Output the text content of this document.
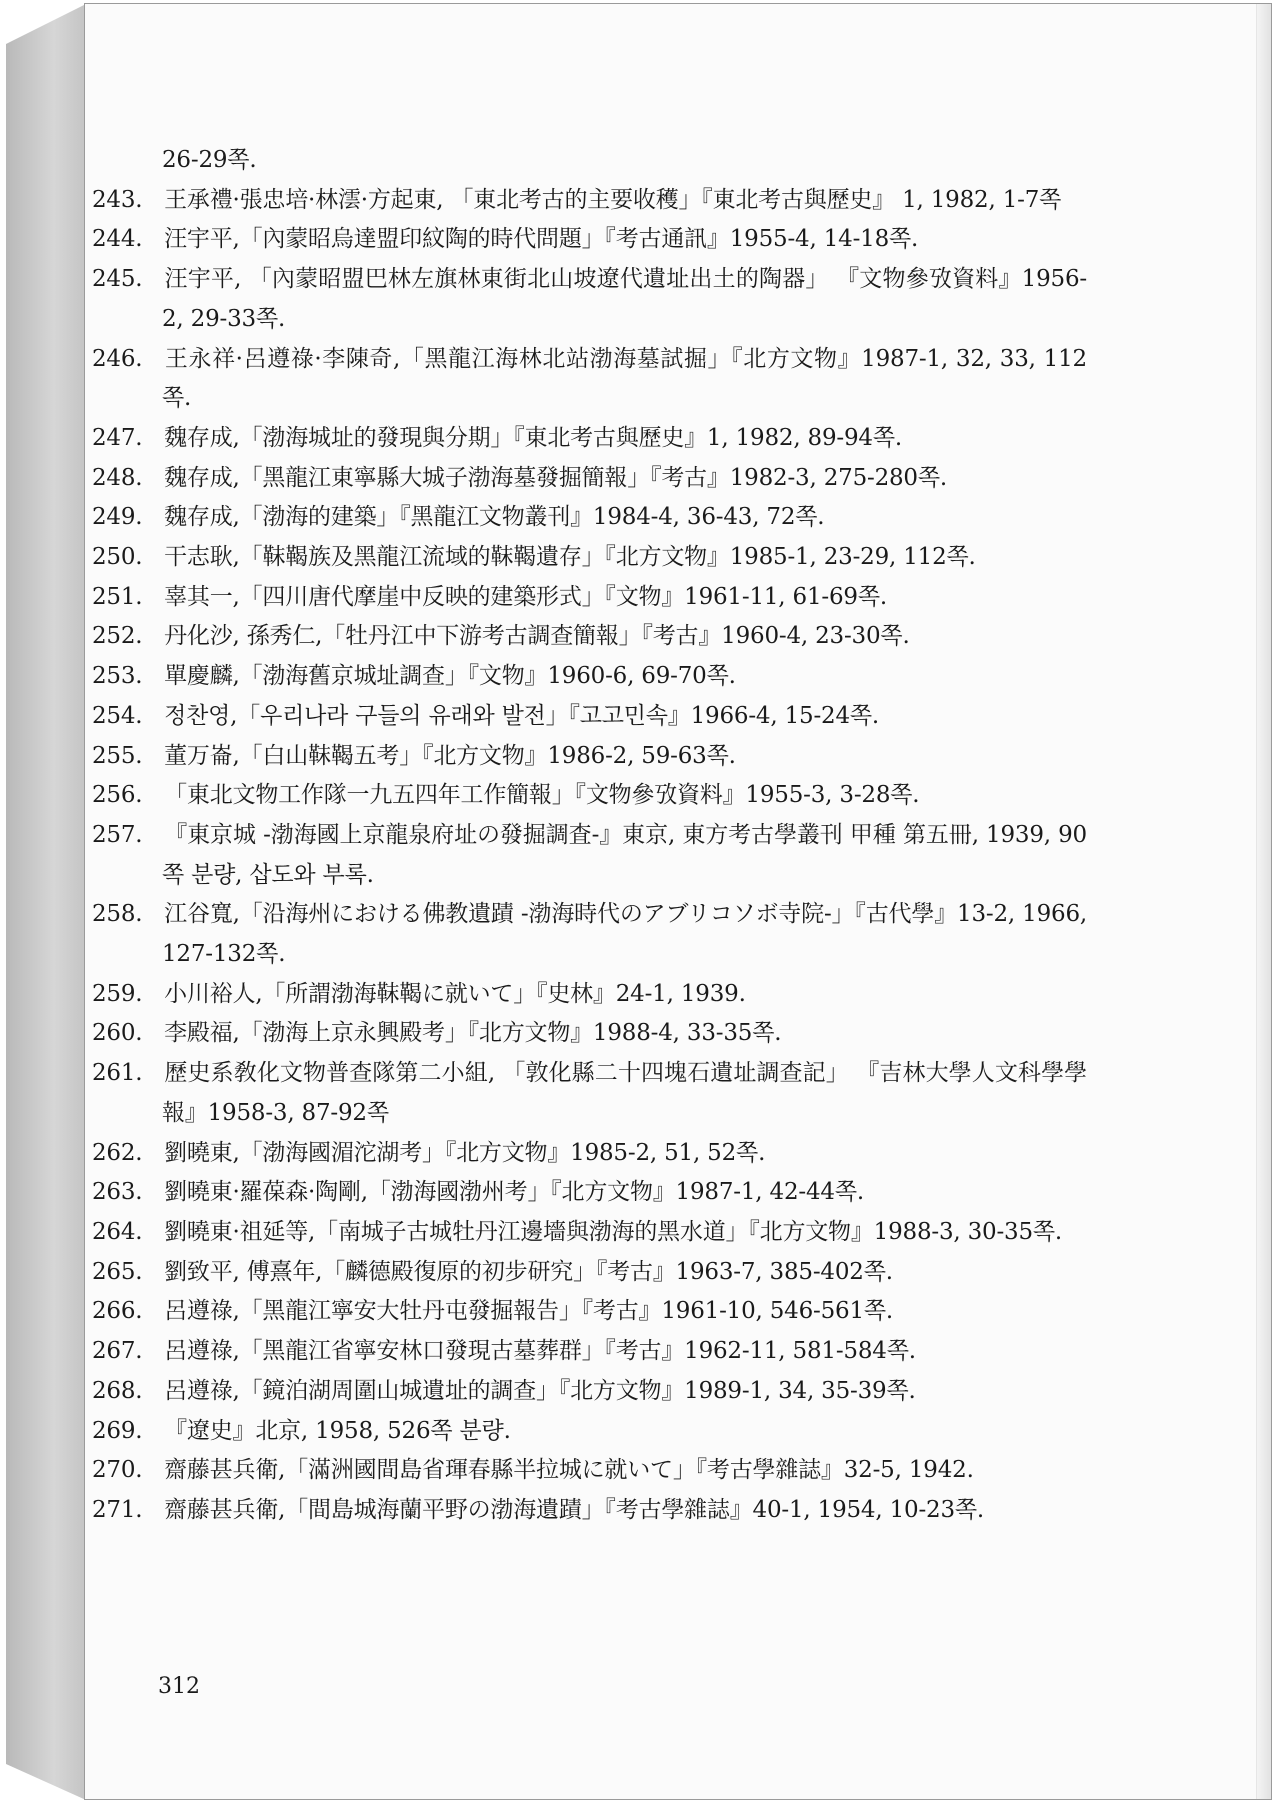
26-29쪽.
243. 王承禮·張忠培·林澐·方起東, 「東北考古的主要收穫」『東北考古與歷史』 1, 1982, 1-7쪽
244. 汪宇平,「內蒙昭烏達盟印紋陶的時代問題」『考古通訊』1955-4, 14-18쪽.
245. 汪宇平, 「內蒙昭盟巴林左旗林東街北山坡遼代遺址出土的陶器」 『文物參攷資料』1956-2, 29-33쪽.
246. 王永祥·呂遵祿·李陳奇,「黑龍江海林北站渤海墓試掘」『北方文物』1987-1, 32, 33, 112쪽.
247. 魏存成,「渤海城址的發現與分期」『東北考古與歷史』1, 1982, 89-94쪽.
248. 魏存成,「黑龍江東寧縣大城子渤海墓發掘簡報」『考古』1982-3, 275-280쪽.
249. 魏存成,「渤海的建築」『黑龍江文物叢刊』1984-4, 36-43, 72쪽.
250. 干志耿,「靺鞨族及黑龍江流域的靺鞨遺存」『北方文物』1985-1, 23-29, 112쪽.
251. 辜其一,「四川唐代摩崖中反映的建築形式」『文物』1961-11, 61-69쪽.
252. 丹化沙, 孫秀仁,「牡丹江中下游考古調查簡報」『考古』1960-4, 23-30쪽.
253. 單慶麟,「渤海舊京城址調查」『文物』1960-6, 69-70쪽.
254. 정찬영,「우리나라 구들의 유래와 발전」『고고민속』1966-4, 15-24쪽.
255. 董万崙,「白山靺鞨五考」『北方文物』1986-2, 59-63쪽.
256. 「東北文物工作隊一九五四年工作簡報」『文物參攷資料』1955-3, 3-28쪽.
257. 『東京城 -渤海國上京龍泉府址の發掘調査-』東京, 東方考古學叢刊 甲種 第五冊, 1939, 90쪽 분량, 삽도와 부록.
258. 江谷寬,「沿海州における佛教遺蹟 -渤海時代のアブリコソボ寺院-」『古代學』13-2, 1966, 127-132쪽.
259. 小川裕人,「所謂渤海靺鞨に就いて」『史林』24-1, 1939.
260. 李殿福,「渤海上京永興殿考」『北方文物』1988-4, 33-35쪽.
261. 歷史系敎化文物普查隊第二小組, 「敦化縣二十四塊石遺址調查記」 『吉林大學人文科學學報』1958-3, 87-92쪽
262. 劉曉東,「渤海國湄沱湖考」『北方文物』1985-2, 51, 52쪽.
263. 劉曉東·羅葆森·陶剛,「渤海國渤州考」『北方文物』1987-1, 42-44쪽.
264. 劉曉東·祖延等,「南城子古城牡丹江邊墻與渤海的黑水道」『北方文物』1988-3, 30-35쪽.
265. 劉致平, 傅熹年,「麟德殿復原的初步研究」『考古』1963-7, 385-402쪽.
266. 呂遵祿,「黑龍江寧安大牡丹屯發掘報告」『考古』1961-10, 546-561쪽.
267. 呂遵祿,「黑龍江省寧安林口發現古墓葬群」『考古』1962-11, 581-584쪽.
268. 呂遵祿,「鏡泊湖周圍山城遺址的調查」『北方文物』1989-1, 34, 35-39쪽.
269. 『遼史』北京, 1958, 526쪽 분량.
270. 齋藤甚兵衛,「滿洲國間島省琿春縣半拉城に就いて」『考古學雜誌』32-5, 1942.
271. 齋藤甚兵衛,「間島城海蘭平野の渤海遺蹟」『考古學雜誌』40-1, 1954, 10-23쪽.
312
